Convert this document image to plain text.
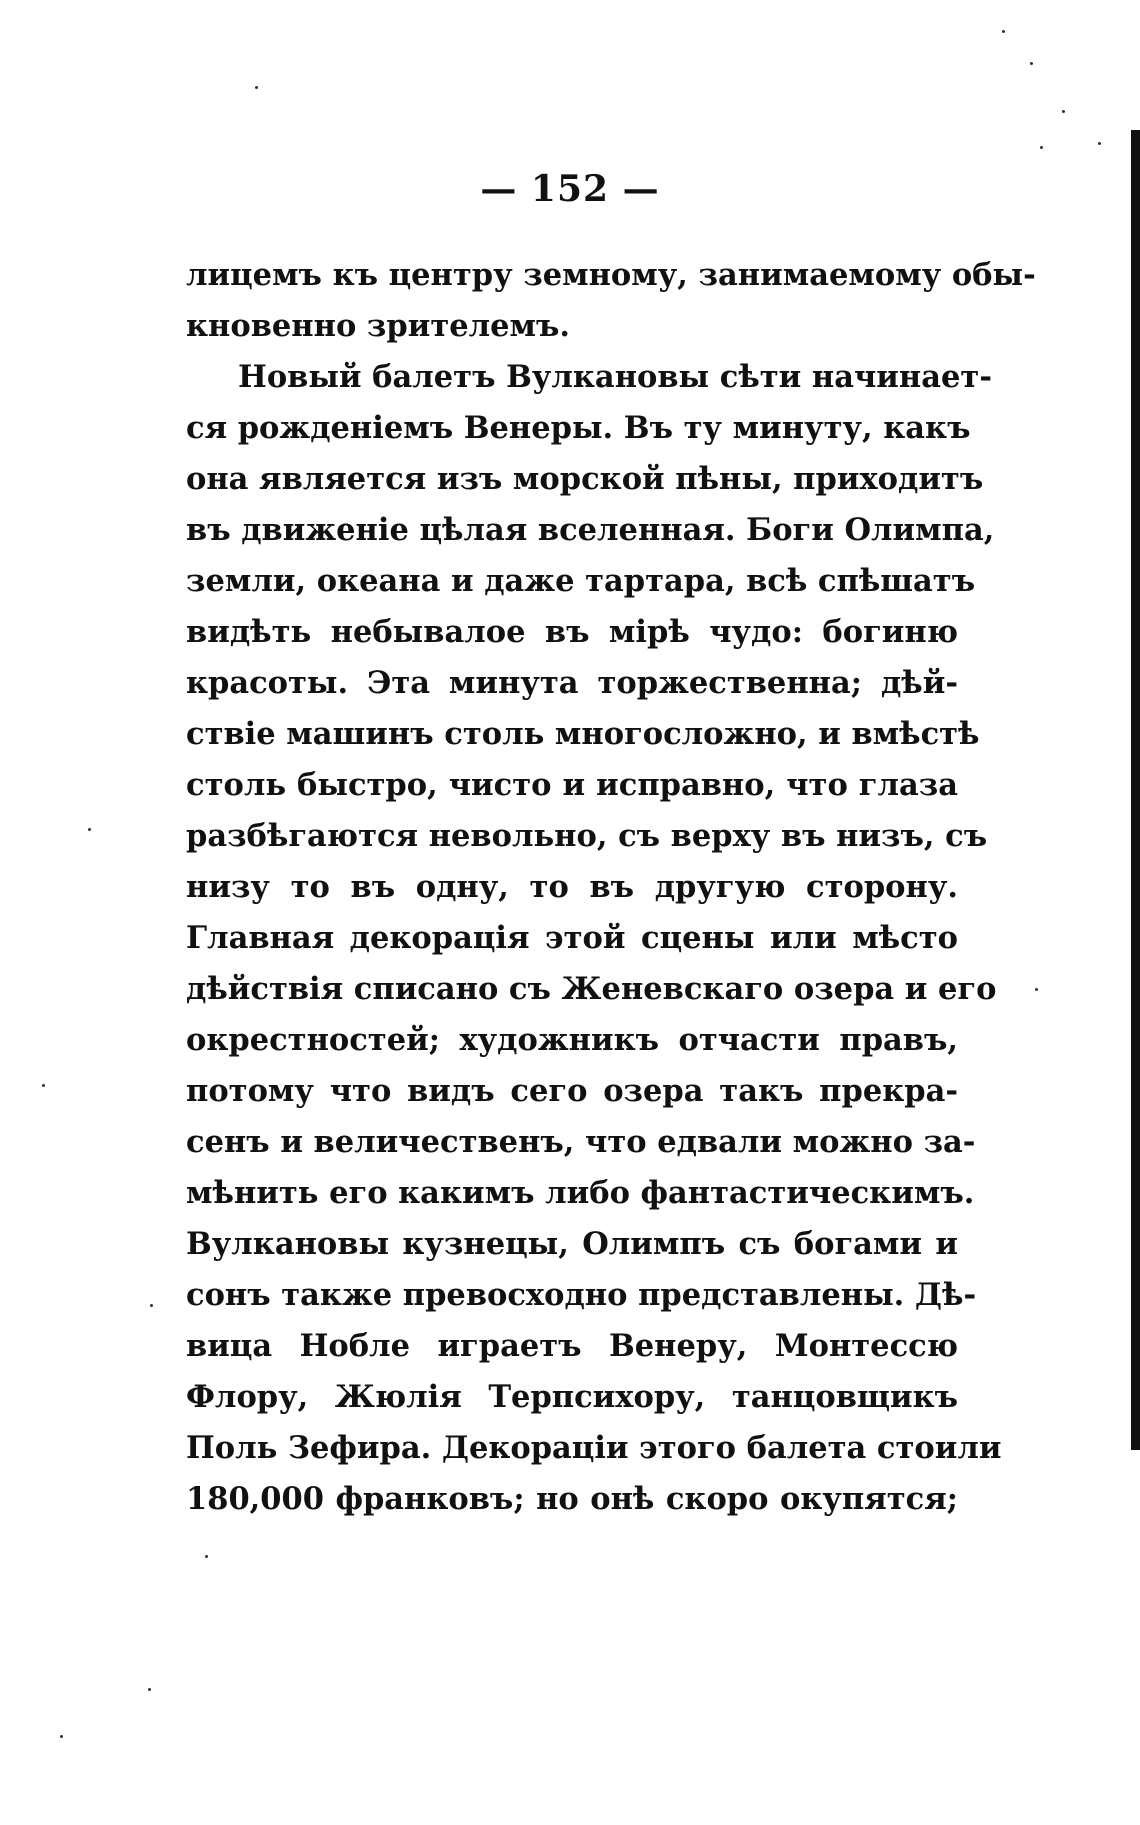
— 152 —
лицемъ къ центру земному, занимаемому обы-
кновенно зрителемъ.
Новый балетъ Вулкановы сѣти начинает-
ся рожденіемъ Венеры. Въ ту минуту, какъ
она является изъ морской пѣны, приходитъ
въ движеніе цѣлая вселенная. Боги Олимпа,
земли, океана и даже тартара, всѣ спѣшатъ
видѣть небывалое въ мірѣ чудо: богиню
красоты. Эта минута торжественна; дѣй-
ствіе машинъ столь многосложно, и вмѣстѣ
столь быстро, чисто и исправно, что глаза
разбѣгаются невольно, съ верху въ низъ, съ
низу то въ одну, то въ другую сторону.
Главная декорація этой сцены или мѣсто
дѣйствія списано съ Женевскаго озера и его
окрестностей; художникъ отчасти правъ,
потому что видъ сего озера такъ прекра-
сенъ и величественъ, что едвали можно за-
мѣнить его какимъ либо фантастическимъ.
Вулкановы кузнецы, Олимпъ съ богами и
сонъ также превосходно представлены. Дѣ-
вица Нобле играетъ Венеру, Монтессю
Флору, Жюлія Терпсихору, танцовщикъ
Поль Зефира. Декораціи этого балета стоили
180,000 франковъ; но онѣ скоро окупятся;
